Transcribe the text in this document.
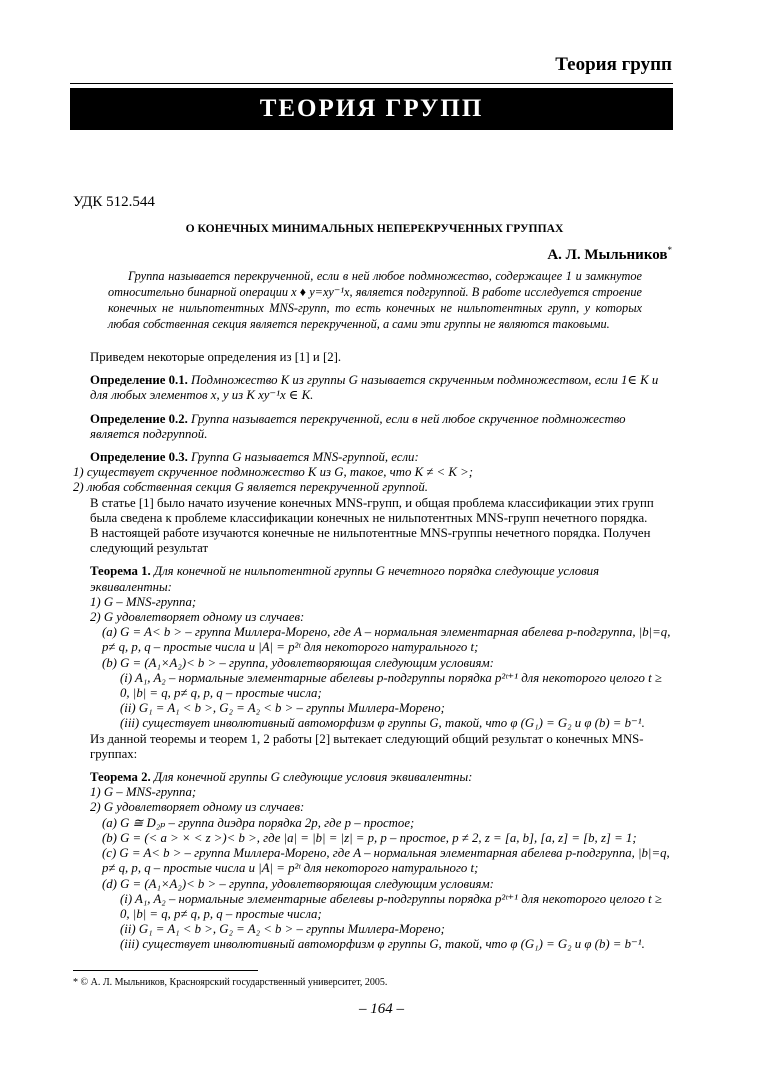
Теория групп
ТЕОРИЯ ГРУПП
УДК 512.544
О КОНЕЧНЫХ МИНИМАЛЬНЫХ НЕПЕРЕКРУЧЕННЫХ ГРУППАХ
А. Л. Мыльников*
Группа называется перекрученной, если в ней любое подмножество, содержащее 1 и замкнутое относительно бинарной операции x ♦ y=xy⁻¹x, является подгруппой. В работе исследуется строение конечных не нильпотентных MNS-групп, то есть конечных не нильпотентных групп, у которых любая собственная секция является перекрученной, а сами эти группы не являются таковыми.

Приведем некоторые определения из [1] и [2].

Определение 0.1. Подмножество K из группы G называется скрученным подмножеством, если 1∈ K и для любых элементов x, y из K xy⁻¹x ∈ K.

Определение 0.2. Группа называется перекрученной, если в ней любое скрученное подмножество является подгруппой.

Определение 0.3. Группа G называется MNS-группой, если:

1) существует скрученное подмножество K из G, такое, что K ≠ < K >;

2) любая собственная секция G является перекрученной группой.

В статье [1] было начато изучение конечных MNS-групп, и общая проблема классификации этих групп была сведена к проблеме классификации конечных не нильпотентных MNS-групп нечетного порядка.

В настоящей работе изучаются конечные не нильпотентные MNS-группы нечетного порядка. Получен следующий результат

Теорема 1. Для конечной не нильпотентной группы G нечетного порядка следующие условия эквивалентны:

1) G – MNS-группа;

2) G удовлетворяет одному из случаев:

(a) G = A< b > – группа Миллера-Морено, где A – нормальная элементарная абелева p-подгруппа, |b|=q, p≠ q, p, q – простые числа и |A| = p²ᵗ для некоторого натурального t;

(b) G = (A₁×A₂)< b > – группа, удовлетворяющая следующим условиям:

(i) A₁, A₂ – нормальные элементарные абелевы p-подгруппы порядка p²ᵗ⁺¹ для некоторого целого t ≥ 0, |b| = q, p≠ q, p, q – простые числа;

(ii) G₁ = A₁ < b >, G₂ = A₂ < b > – группы Миллера-Морено;

(iii) существует инволютивный автоморфизм φ группы G, такой, что φ (G₁) = G₂ и φ (b) = b⁻¹.

Из данной теоремы и теорем 1, 2 работы [2] вытекает следующий общий результат о конечных MNS-группах:

Теорема 2. Для конечной группы G следующие условия эквивалентны:

1) G – MNS-группа;

2) G удовлетворяет одному из случаев:

(a) G ≅ D₂ₚ – группа диэдра порядка 2p, где p – простое;

(b) G = (< a > × < z >)< b >, где |a| = |b| = |z| = p, p – простое, p ≠ 2, z = [a, b], [a, z] = [b, z] = 1;

(c) G = A< b > – группа Миллера-Морено, где A – нормальная элементарная абелева p-подгруппа, |b|=q, p≠ q, p, q – простые числа и |A| = p²ᵗ для некоторого натурального t;

(d) G = (A₁×A₂)< b > – группа, удовлетворяющая следующим условиям:

(i) A₁, A₂ – нормальные элементарные абелевы p-подгруппы порядка p²ᵗ⁺¹ для некоторого целого t ≥ 0, |b| = q, p≠ q, p, q – простые числа;

(ii) G₁ = A₁ < b >, G₂ = A₂ < b > – группы Миллера-Морено;

(iii) существует инволютивный автоморфизм φ группы G, такой, что φ (G₁) = G₂ и φ (b) = b⁻¹.

* © А. Л. Мыльников, Красноярский государственный университет, 2005.
– 164 –
